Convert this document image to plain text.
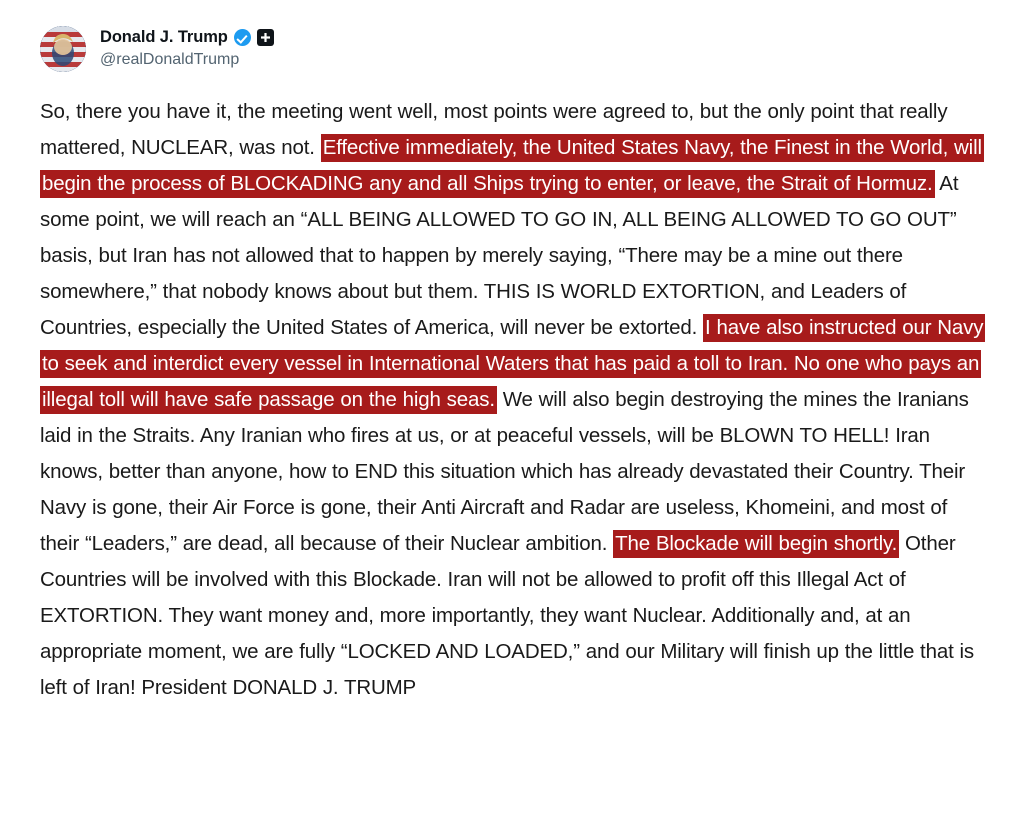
Donald J. Trump
@realDonaldTrump
So, there you have it, the meeting went well, most points were agreed to, but the only point that really mattered, NUCLEAR, was not. Effective immediately, the United States Navy, the Finest in the World, will begin the process of BLOCKADING any and all Ships trying to enter, or leave, the Strait of Hormuz. At some point, we will reach an “ALL BEING ALLOWED TO GO IN, ALL BEING ALLOWED TO GO OUT” basis, but Iran has not allowed that to happen by merely saying, “There may be a mine out there somewhere,” that nobody knows about but them. THIS IS WORLD EXTORTION, and Leaders of Countries, especially the United States of America, will never be extorted. I have also instructed our Navy to seek and interdict every vessel in International Waters that has paid a toll to Iran. No one who pays an illegal toll will have safe passage on the high seas. We will also begin destroying the mines the Iranians laid in the Straits. Any Iranian who fires at us, or at peaceful vessels, will be BLOWN TO HELL! Iran knows, better than anyone, how to END this situation which has already devastated their Country. Their Navy is gone, their Air Force is gone, their Anti Aircraft and Radar are useless, Khomeini, and most of their “Leaders,” are dead, all because of their Nuclear ambition. The Blockade will begin shortly. Other Countries will be involved with this Blockade. Iran will not be allowed to profit off this Illegal Act of EXTORTION. They want money and, more importantly, they want Nuclear. Additionally and, at an appropriate moment, we are fully “LOCKED AND LOADED,” and our Military will finish up the little that is left of Iran! President DONALD J. TRUMP
